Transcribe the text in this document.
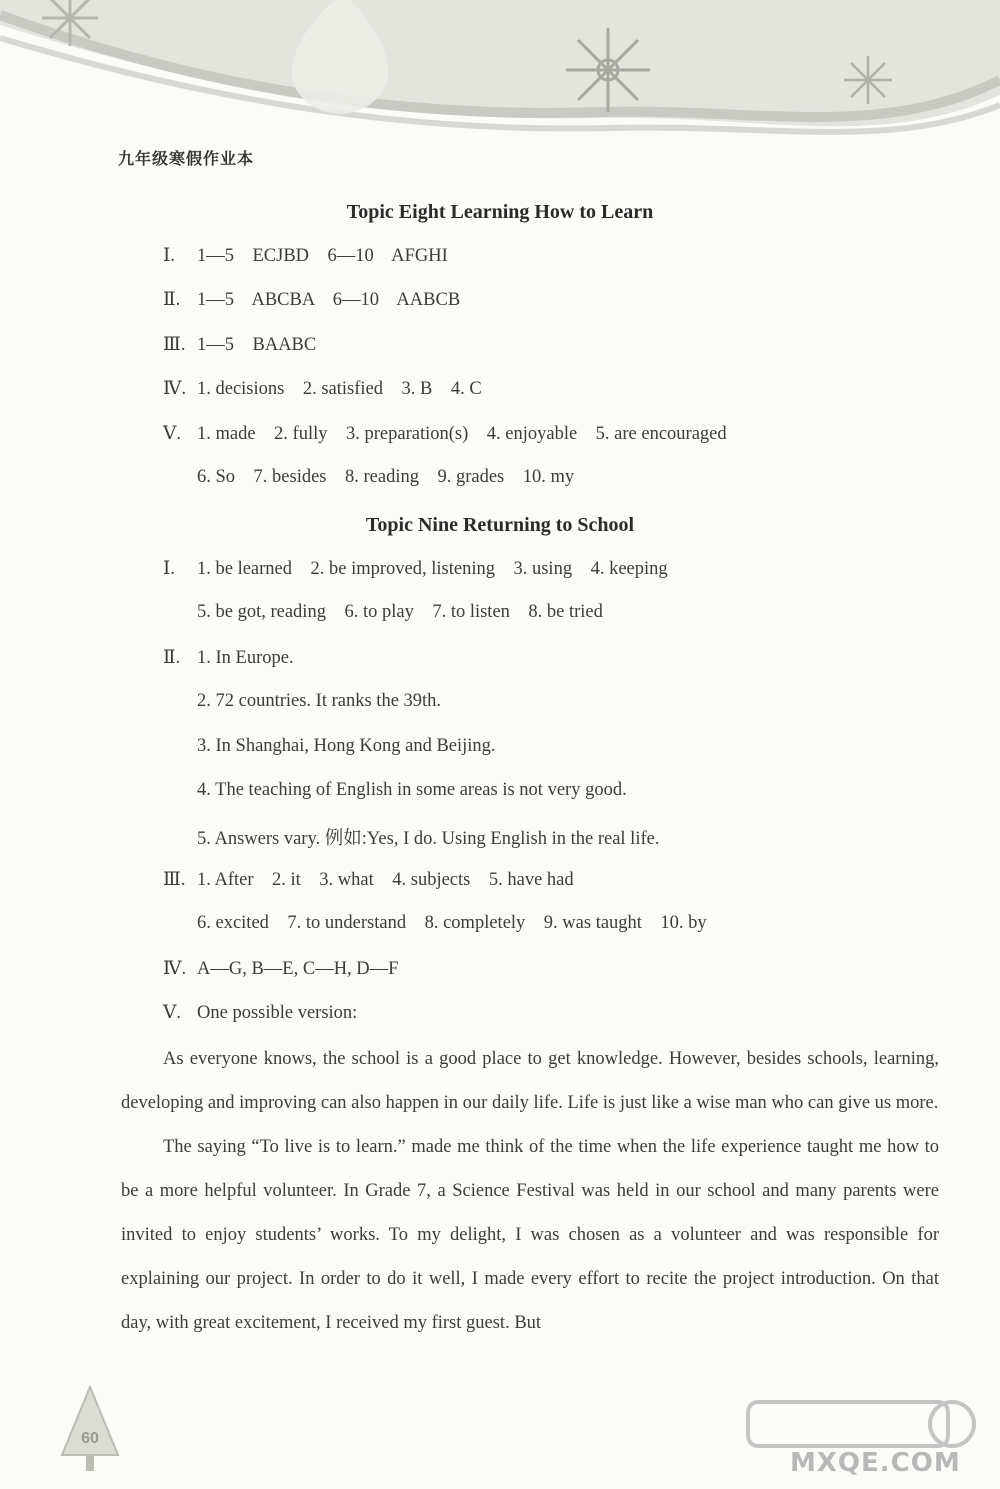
九年级寒假作业本
Topic Eight Learning How to Learn
Ⅰ. 1—5    ECJBD    6—10    AFGHI
Ⅱ. 1—5    ABCBA    6—10    AABCB
Ⅲ. 1—5    BAABC
Ⅳ. 1. decisions    2. satisfied    3. B    4. C
Ⅴ. 1. made    2. fully    3. preparation(s)    4. enjoyable    5. are encouraged
6. So    7. besides    8. reading    9. grades    10. my
Topic Nine Returning to School
Ⅰ. 1. be learned    2. be improved, listening    3. using    4. keeping
5. be got, reading    6. to play    7. to listen    8. be tried
Ⅱ. 1. In Europe.
2. 72 countries. It ranks the 39th.
3. In Shanghai, Hong Kong and Beijing.
4. The teaching of English in some areas is not very good.
5. Answers vary. 例如:Yes, I do. Using English in the real life.
Ⅲ. 1. After    2. it    3. what    4. subjects    5. have had
6. excited    7. to understand    8. completely    9. was taught    10. by
Ⅳ. A—G, B—E, C—H, D—F
Ⅴ. One possible version:

As everyone knows, the school is a good place to get knowledge. However, besides schools, learning, developing and improving can also happen in our daily life. Life is just like a wise man who can give us more.

The saying “To live is to learn.” made me think of the time when the life experience taught me how to be a more helpful volunteer. In Grade 7, a Science Festival was held in our school and many parents were invited to enjoy students’ works. To my delight, I was chosen as a volunteer and was responsible for explaining our project. In order to do it well, I made every effort to recite the project introduction. On that day, with great excitement, I received my first guest. But

60
MXQE.COM
